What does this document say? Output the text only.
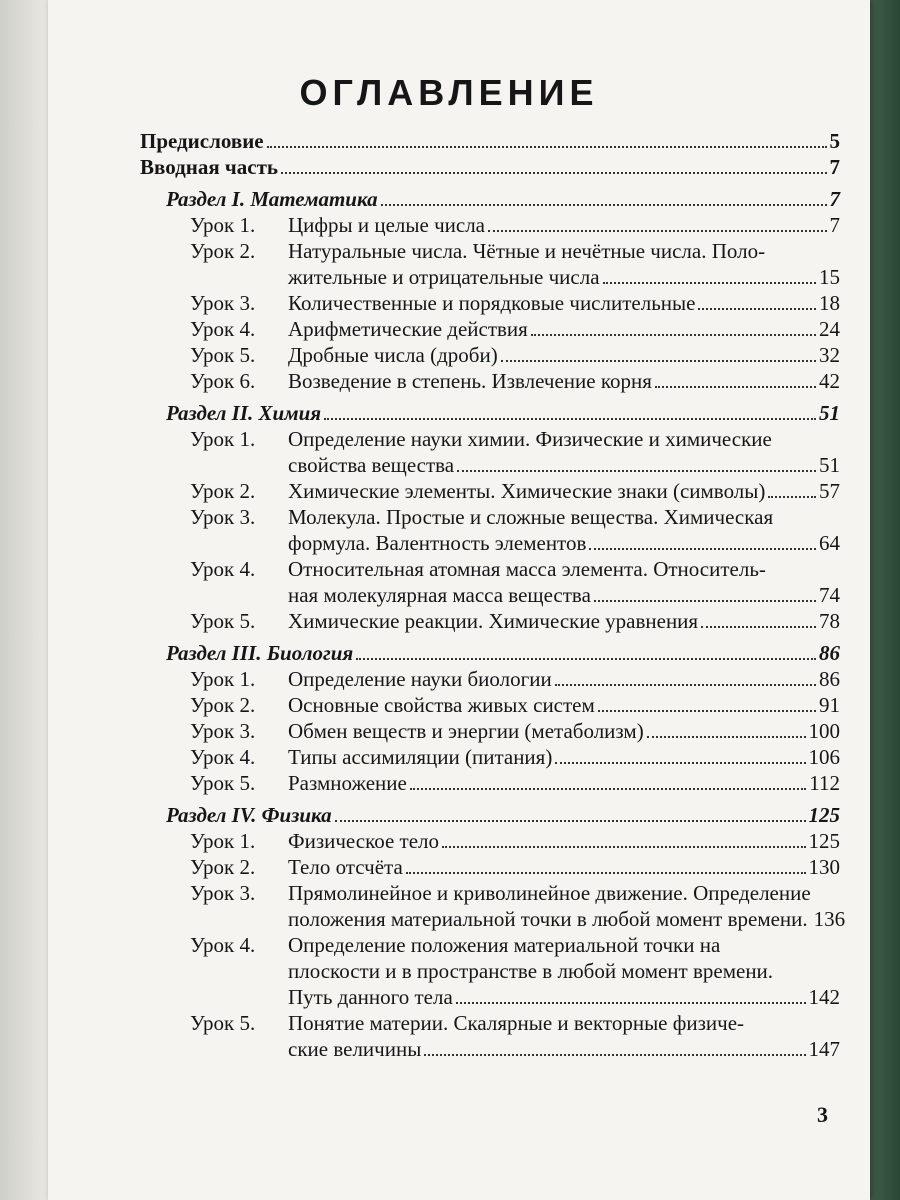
ОГЛАВЛЕНИЕ
Предисловие	5
Вводная часть	7
Раздел I. Математика	7
Урок 1.	Цифры и целые числа	7
Урок 2.	Натуральные числа. Чётные и нечётные числа. Поло-
жительные и отрицательные числа	15
Урок 3.	Количественные и порядковые числительные	18
Урок 4.	Арифметические действия	24
Урок 5.	Дробные числа (дроби)	32
Урок 6.	Возведение в степень. Извлечение корня	42
Раздел II. Химия	51
Урок 1.	Определение науки химии. Физические и химические
свойства вещества	51
Урок 2.	Химические элементы. Химические знаки (символы)	57
Урок 3.	Молекула. Простые и сложные вещества. Химическая
формула. Валентность элементов	64
Урок 4.	Относительная атомная масса элемента. Относитель-
ная молекулярная масса вещества	74
Урок 5.	Химические реакции. Химические уравнения	78
Раздел III. Биология	86
Урок 1.	Определение науки биологии	86
Урок 2.	Основные свойства живых систем	91
Урок 3.	Обмен веществ и энергии (метаболизм)	100
Урок 4.	Типы ассимиляции (питания)	106
Урок 5.	Размножение	112
Раздел IV. Физика	125
Урок 1.	Физическое тело	125
Урок 2.	Тело отсчёта	130
Урок 3.	Прямолинейное и криволинейное движение. Определение
положения материальной точки в любой момент времени. 136
Урок 4.	Определение положения материальной точки на
плоскости и в пространстве в любой момент времени.
Путь данного тела	142
Урок 5.	Понятие материи. Скалярные и векторные физиче-
ские величины	147
3
